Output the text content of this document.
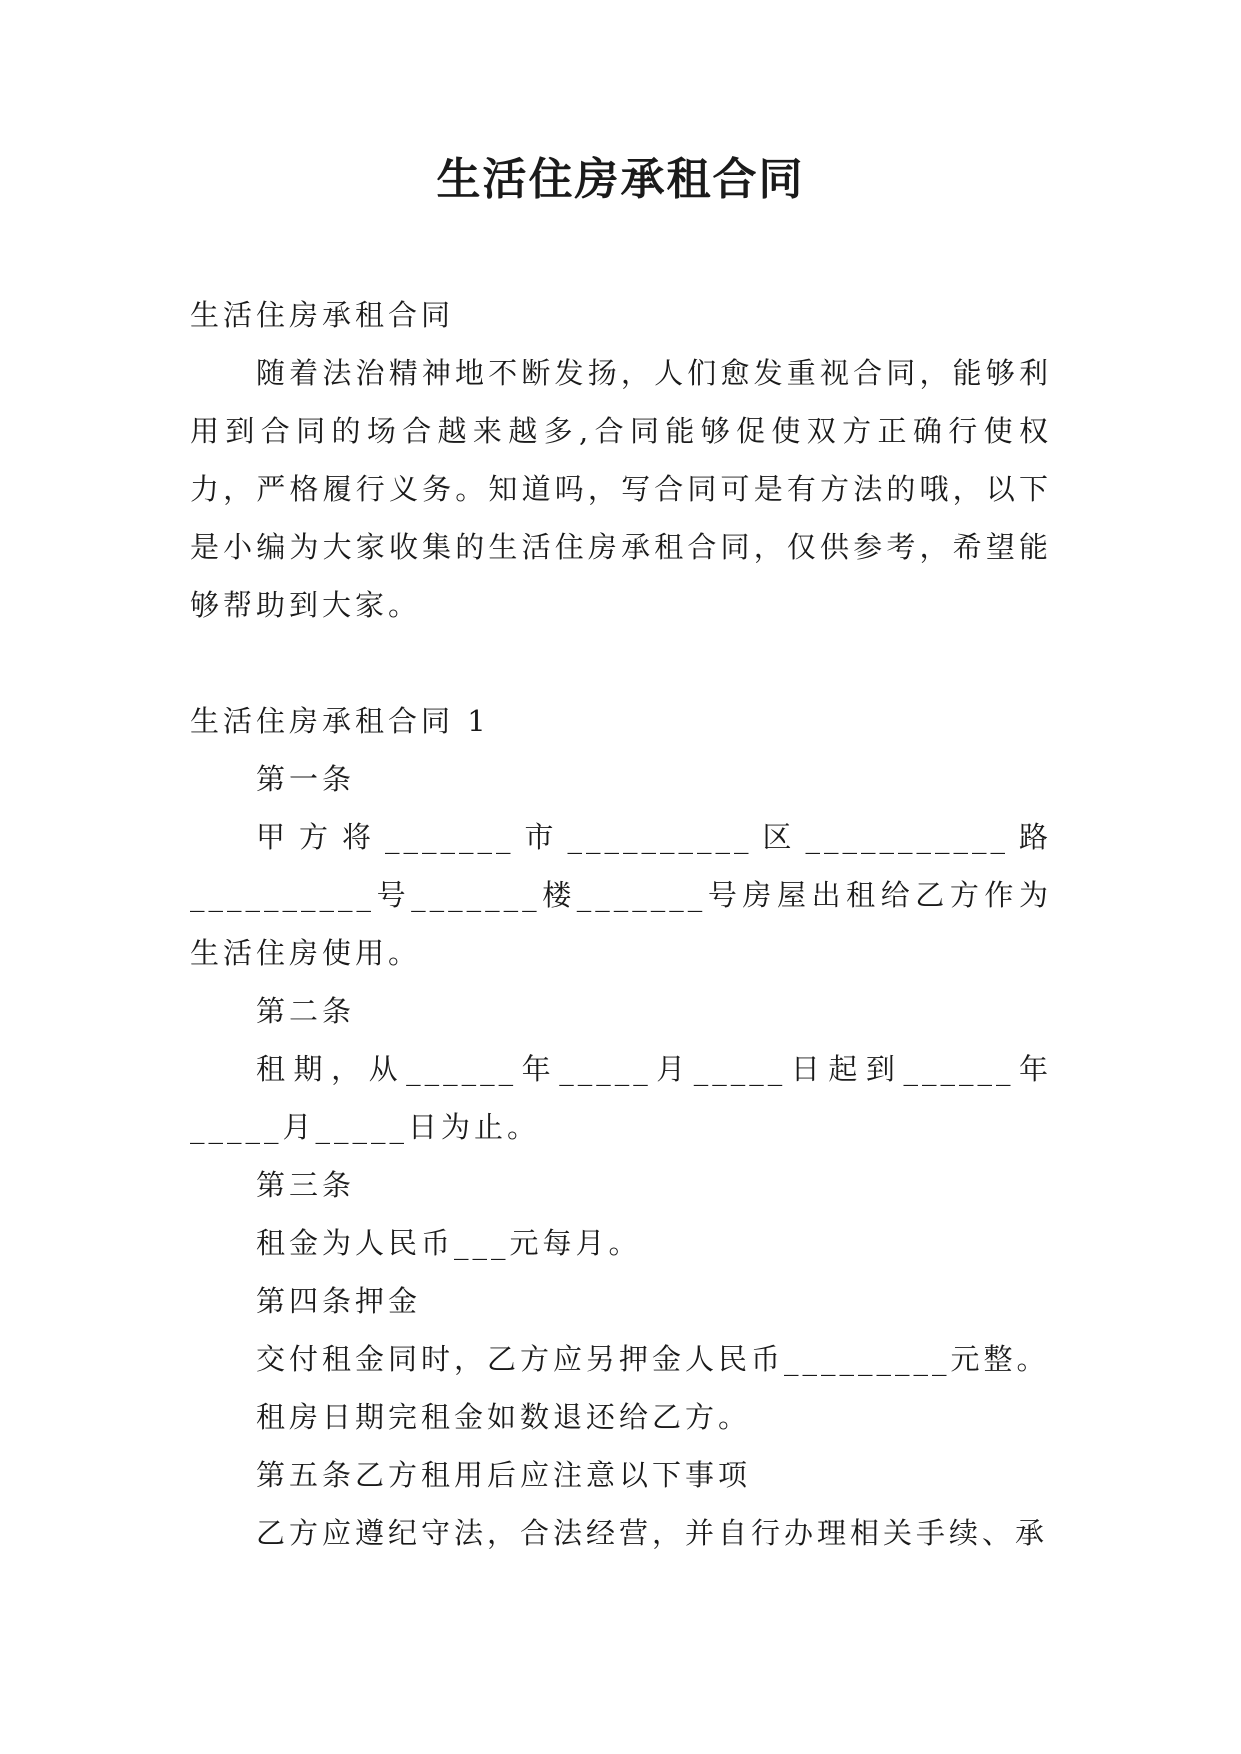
生活住房承租合同

生活住房承租合同

随着法治精神地不断发扬，人们愈发重视合同，能够利用到合同的场合越来越多,合同能够促使双方正确行使权力，严格履行义务。知道吗，写合同可是有方法的哦，以下是小编为大家收集的生活住房承租合同，仅供参考，希望能够帮助到大家。

生活住房承租合同 1

第一条

甲方将_______市__________区___________路__________号_______楼_______号房屋出租给乙方作为生活住房使用。

第二条

租期，从______年_____月_____日起到______年_____月_____日为止。

第三条

租金为人民币___元每月。

第四条押金

交付租金同时，乙方应另押金人民币_________元整。

租房日期完租金如数退还给乙方。

第五条乙方租用后应注意以下事项

乙方应遵纪守法，合法经营，并自行办理相关手续、承
